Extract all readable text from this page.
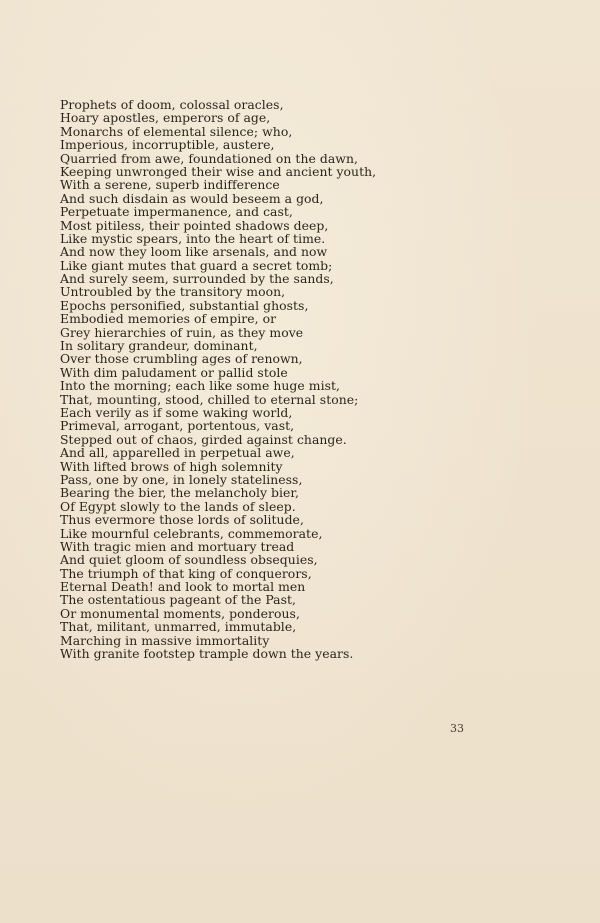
Prophets of doom, colossal oracles,
Hoary apostles, emperors of age,
Monarchs of elemental silence; who,
Imperious, incorruptible, austere,
Quarried from awe, foundationed on the dawn,
Keeping unwronged their wise and ancient youth,
With a serene, superb indifference
And such disdain as would beseem a god,
Perpetuate impermanence, and cast,
Most pitiless, their pointed shadows deep,
Like mystic spears, into the heart of time.
And now they loom like arsenals, and now
Like giant mutes that guard a secret tomb;
And surely seem, surrounded by the sands,
Untroubled by the transitory moon,
Epochs personified, substantial ghosts,
Embodied memories of empire, or
Grey hierarchies of ruin, as they move
In solitary grandeur, dominant,
Over those crumbling ages of renown,
With dim paludament or pallid stole
Into the morning; each like some huge mist,
That, mounting, stood, chilled to eternal stone;
Each verily as if some waking world,
Primeval, arrogant, portentous, vast,
Stepped out of chaos, girded against change.
And all, apparelled in perpetual awe,
With lifted brows of high solemnity
Pass, one by one, in lonely stateliness,
Bearing the bier, the melancholy bier,
Of Egypt slowly to the lands of sleep.
Thus evermore those lords of solitude,
Like mournful celebrants, commemorate,
With tragic mien and mortuary tread
And quiet gloom of soundless obsequies,
The triumph of that king of conquerors,
Eternal Death! and look to mortal men
The ostentatious pageant of the Past,
Or monumental moments, ponderous,
That, militant, unmarred, immutable,
Marching in massive immortality
With granite footstep trample down the years.
33
